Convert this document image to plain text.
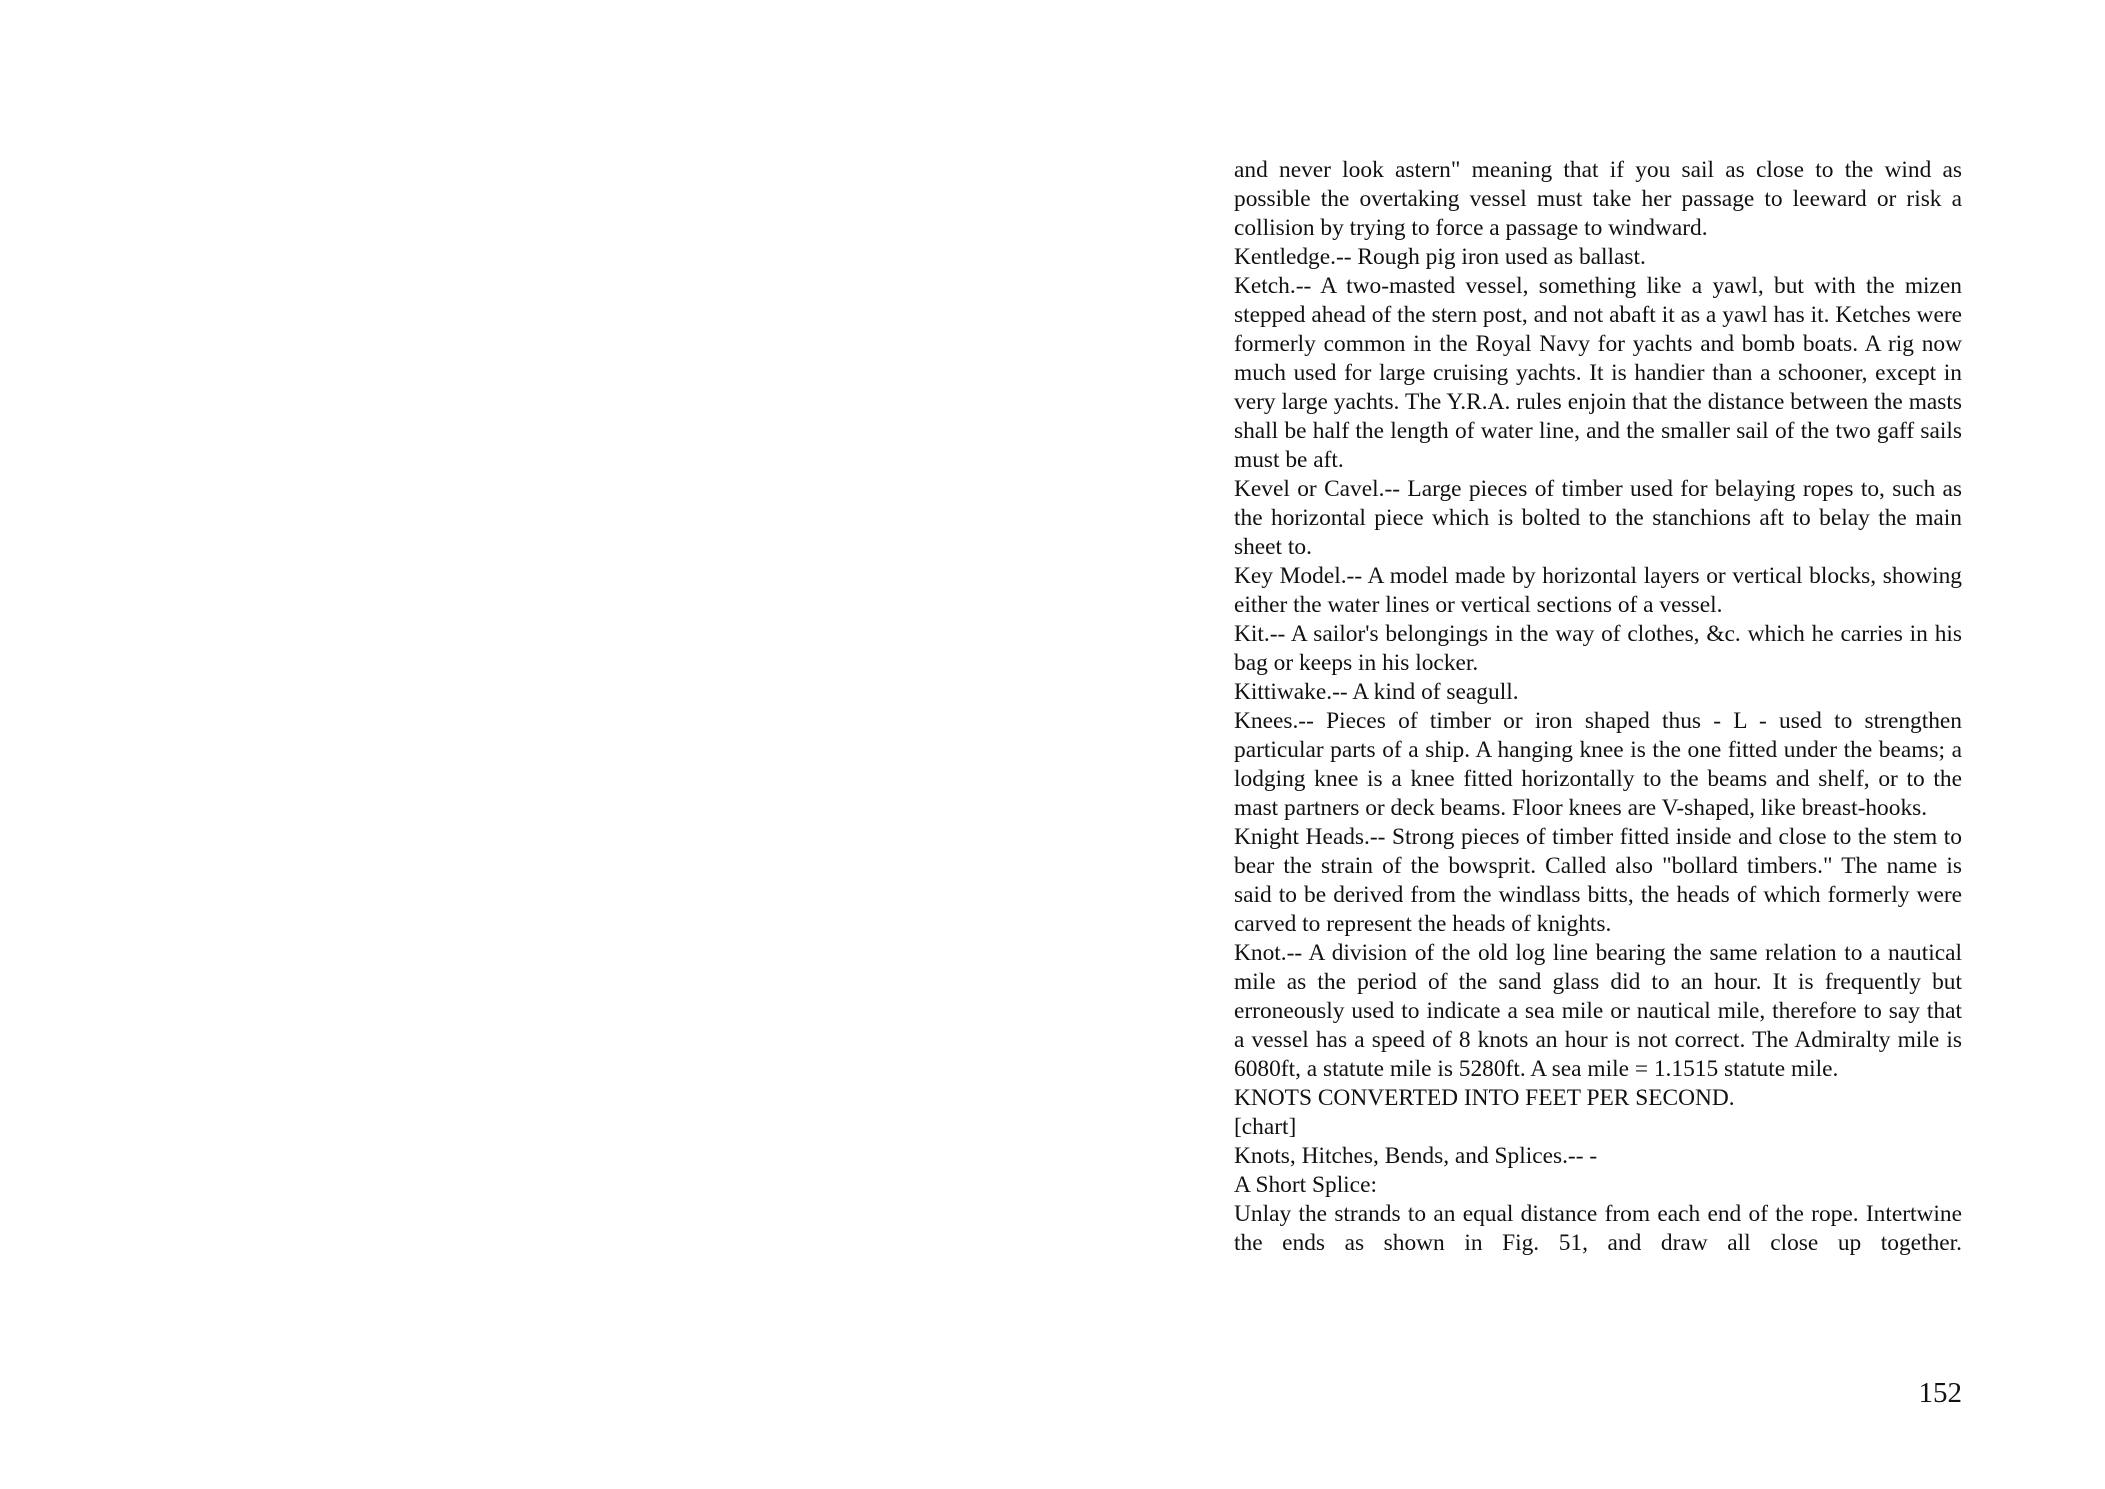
and never look astern" meaning that if you sail as close to the wind as possible the overtaking vessel must take her passage to leeward or risk a collision by trying to force a passage to windward.

Kentledge.-- Rough pig iron used as ballast.

Ketch.-- A two-masted vessel, something like a yawl, but with the mizen stepped ahead of the stern post, and not abaft it as a yawl has it. Ketches were formerly common in the Royal Navy for yachts and bomb boats. A rig now much used for large cruising yachts. It is handier than a schooner, except in very large yachts. The Y.R.A. rules enjoin that the distance between the masts shall be half the length of water line, and the smaller sail of the two gaff sails must be aft.

Kevel or Cavel.-- Large pieces of timber used for belaying ropes to, such as the horizontal piece which is bolted to the stanchions aft to belay the main sheet to.

Key Model.-- A model made by horizontal layers or vertical blocks, showing either the water lines or vertical sections of a vessel.

Kit.-- A sailor's belongings in the way of clothes, &c. which he carries in his bag or keeps in his locker.

Kittiwake.-- A kind of seagull.

Knees.-- Pieces of timber or iron shaped thus - L - used to strengthen particular parts of a ship. A hanging knee is the one fitted under the beams; a lodging knee is a knee fitted horizontally to the beams and shelf, or to the mast partners or deck beams. Floor knees are V-shaped, like breast-hooks.

Knight Heads.-- Strong pieces of timber fitted inside and close to the stem to bear the strain of the bowsprit. Called also "bollard timbers." The name is said to be derived from the windlass bitts, the heads of which formerly were carved to represent the heads of knights.

Knot.-- A division of the old log line bearing the same relation to a nautical mile as the period of the sand glass did to an hour. It is frequently but erroneously used to indicate a sea mile or nautical mile, therefore to say that a vessel has a speed of 8 knots an hour is not correct. The Admiralty mile is 6080ft, a statute mile is 5280ft. A sea mile = 1.1515 statute mile.

KNOTS CONVERTED INTO FEET PER SECOND.

[chart]

Knots, Hitches, Bends, and Splices.-- -

A Short Splice:

Unlay the strands to an equal distance from each end of the rope. Intertwine the ends as shown in Fig. 51, and draw all close up together.

152
